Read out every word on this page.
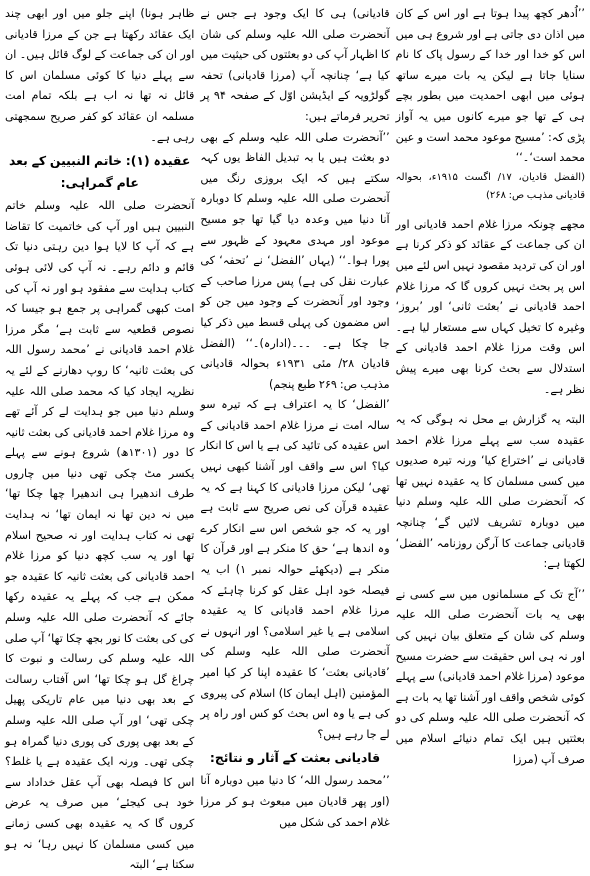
’’اُدھر کچھ پیدا ہوتا ہے اور اس کے کان میں اذان دی جاتی ہے اور شروع ہی میں اس کو خدا اور خدا کے رسول پاک کا نام سنایا جاتا ہے لیکن یہ بات میرے ساتھ ہوئی میں ابھی احمدیت میں بطور بچے ہی کے تھا جو میرے کانوں میں یہ آواز پڑی کہ: ’مسیح موعود محمد است و عین محمد است‘۔‘‘

(الفضل قادیان، ۱۷/ اگست ۱۹۱۵ء، بحوالہ قادیانی مذہب ص: ۲۶۸)

مجھے چونکہ مرزا غلام احمد قادیانی اور ان کی جماعت کے عقائد کو ذکر کرنا ہے اور ان کی تردید مقصود نہیں اس لئے میں اس پر بحث نہیں کروں گا کہ مرزا غلام احمد قادیانی نے ’بعثت ثانی‘ اور ’بروز‘ وغیرہ کا تخیل کہاں سے مستعار لیا ہے۔ اس وقت مرزا غلام احمد قادیانی کے استدلال سے بحث کرنا بھی میرے پیش نظر ہے۔

البتہ یہ گزارش بے محل نہ ہوگی کہ یہ عقیدہ سب سے پہلے مرزا غلام احمد قادیانی نے ’اختراع کیا‘ ورنہ تیرہ صدیوں میں کسی مسلمان کا یہ عقیدہ نہیں تھا کہ آنحضرت صلی اللہ علیہ وسلم دنیا میں دوبارہ تشریف لائیں گے‘ چنانچہ قادیانی جماعت کا آرگن روزنامہ ’الفضل‘ لکھتا ہے:

’’آج تک کے مسلمانوں میں سے کسی نے بھی یہ بات آنحضرت صلی اللہ علیہ وسلم کی شان کے متعلق بیان نہیں کی اور نہ ہی اس حقیقت سے حضرت مسیح موعود (مرزا غلام احمد قادیانی) سے پہلے کوئی شخص واقف اور آشنا تھا یہ بات ہے کہ آنحضرت صلی اللہ علیہ وسلم کی دو بعثتیں ہیں ایک تمام دنیائے اسلام میں صرف آپ (مرزا

قادیانی) ہی کا ایک وجود ہے جس نے آنحضرت صلی اللہ علیہ وسلم کی شان کا اظہار آپ کی دو بعثتوں کی حیثیت میں کیا ہے‘ چنانچہ آپ (مرزا قادیانی) تحفہ گولڑویہ کے ایڈیشن اوّل کے صفحہ ۹۴ پر تحریر فرماتے ہیں:

’’آنحضرت صلی اللہ علیہ وسلم کے بھی دو بعثت ہیں یا بہ تبدیل الفاظ یوں کہہ سکتے ہیں کہ ایک بروزی رنگ میں آنحضرت صلی اللہ علیہ وسلم کا دوبارہ آنا دنیا میں وعدہ دیا گیا تھا جو مسیح موعود اور مہدی معہود کے ظہور سے پورا ہوا۔‘‘ (یہاں ’الفضل‘ نے ’تحفہ‘ کی عبارت نقل کی ہے) پس مرزا صاحب کے وجود اور آنحضرت کے وجود میں جن کو اس مضمون کی پہلی قسط میں ذکر کیا جا چکا ہے۔ ۔۔۔(ادارہ)۔‘‘ (الفضل قادیان ۲۸/ مئی ۱۹۳۱ء بحوالہ قادیانی مذہب ص: ۲۶۹ طبع پنجم)

’الفضل‘ کا یہ اعتراف ہے کہ تیرہ سو سالہ امت نے مرزا غلام احمد قادیانی کے اس عقیدہ کی تائید کی ہے یا اس کا انکار کیا؟ اس سے واقف اور آشنا کبھی نہیں تھی‘ لیکن مرزا قادیانی کا کہنا ہے کہ یہ عقیدہ قرآن کی نص صریح سے ثابت ہے اور یہ کہ جو شخص اس سے انکار کرے وہ اندھا ہے‘ حق کا منکر ہے اور قرآن کا منکر ہے (دیکھئے حوالہ نمبر ۱) اب یہ فیصلہ خود اہل عقل کو کرنا چاہئے کہ مرزا غلام احمد قادیانی کا یہ عقیدہ اسلامی ہے یا غیر اسلامی؟ اور انہوں نے آنحضرت صلی اللہ علیہ وسلم کی ’قادیانی بعثت‘ کا عقیدہ اپنا کر کیا امیر المؤمنین (اہل ایمان کا) اسلام کی پیروی کی ہے یا وہ اس بحث کو کس اور راہ پر لے جا رہے ہیں؟

قادیانی بعثت کے آثار و نتائج:

’’محمد رسول اللہ‘ کا دنیا میں دوبارہ آنا (اور پھر قادیان میں مبعوث ہو کر مرزا غلام احمد کی شکل میں

ظاہر ہونا) اپنے جلو میں اور ابھی چند ایک عقائد رکھتا ہے جن کے مرزا قادیانی اور ان کی جماعت کے لوگ قائل ہیں۔ ان سے پہلے دنیا کا کوئی مسلمان اس کا قائل نہ تھا نہ اب ہے بلکہ تمام امت مسلمہ ان عقائد کو کفر صریح سمجھتی رہی ہے۔

عقیدہ (۱): خاتم النبیین کے بعد عام گمراہی:

آنحضرت صلی اللہ علیہ وسلم خاتم النبیین ہیں اور آپ کی خاتمیت کا تقاضا ہے کہ آپ کا لایا ہوا دین رہتی دنیا تک قائم و دائم رہے۔ نہ آپ کی لائی ہوئی کتاب ہدایت سے مفقود ہو اور نہ آپ کی امت کبھی گمراہی پر جمع ہو جیسا کہ نصوص قطعیہ سے ثابت ہے‘ مگر مرزا غلام احمد قادیانی نے ’محمد رسول اللہ کی بعثت ثانیہ‘ کا روپ دھارنے کے لئے یہ نظریہ ایجاد کیا کہ محمد صلی اللہ علیہ وسلم دنیا میں جو ہدایت لے کر آئے تھے وہ مرزا غلام احمد قادیانی کی بعثت ثانیہ کا دور (۱۳۰۱ھ) شروع ہونے سے پہلے یکسر مٹ چکی تھی دنیا میں چاروں طرف اندھیرا ہی اندھیرا چھا چکا تھا‘ میں نہ دین تھا نہ ایمان تھا‘ نہ ہدایت تھی نہ کتاب ہدایت اور نہ صحیح اسلام تھا اور یہ سب کچھ دنیا کو مرزا غلام احمد قادیانی کی بعثت ثانیہ کا عقیدہ جو ممکن ہے جب کہ پہلے یہ عقیدہ رکھا جائے کہ آنحضرت صلی اللہ علیہ وسلم کی کی بعثت کا نور بجھ چکا تھا‘ آپ صلی اللہ علیہ وسلم کی رسالت و نبوت کا چراغ گل ہو چکا تھا‘ اس آفتاب رسالت کے بعد بھی دنیا میں عام تاریکی پھیل چکی تھی‘ اور آپ صلی اللہ علیہ وسلم کے بعد بھی پوری کی پوری دنیا گمراہ ہو چکی تھی۔ ورنہ ایک عقیدہ ہے یا غلط؟ اس کا فیصلہ بھی آپ عقل خداداد سے خود ہی کیجئے‘ میں صرف یہ عرض کروں گا کہ یہ عقیدہ بھی کسی زمانے میں کسی مسلمان کا نہیں رہا‘ نہ ہو سکتا ہے‘ البتہ
